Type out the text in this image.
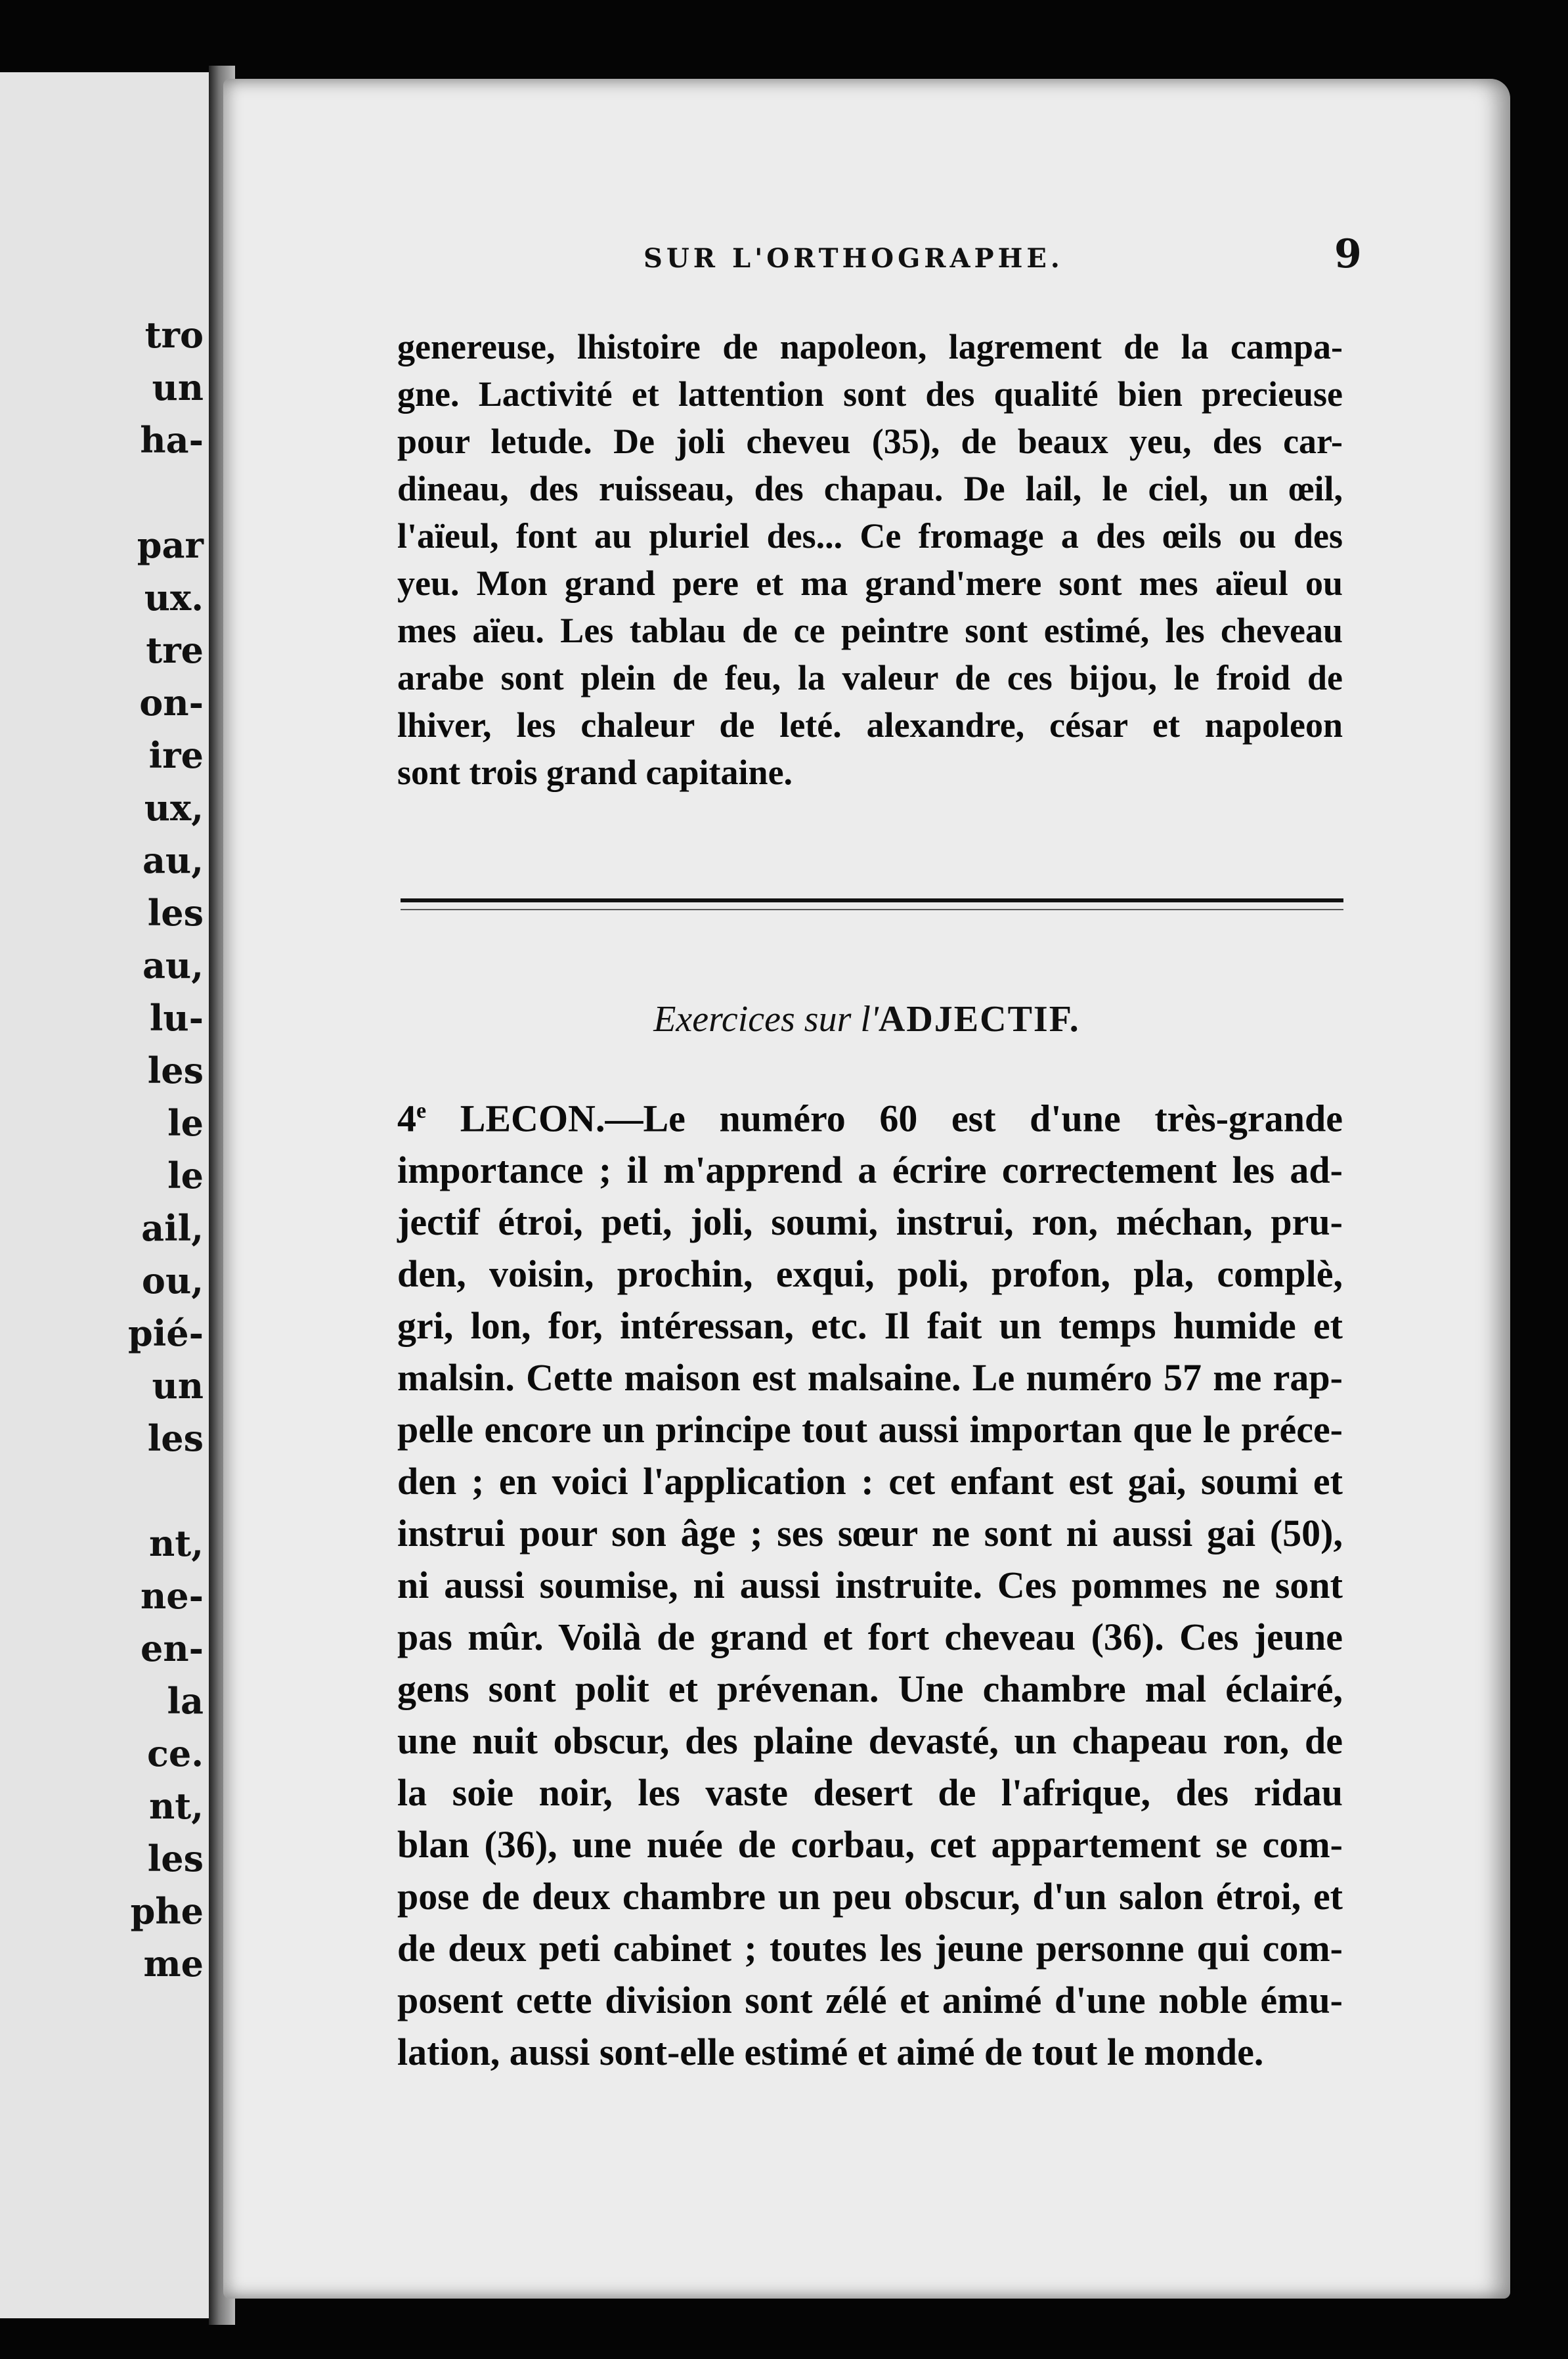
tro
un
ha-
par
ux.
tre
on-
ire
ux,
au,
les
au,
lu-
les
le
le
ail,
ou,
pié-
un
les
nt,
ne-
en-
la
ce.
nt,
les
phe
me
SUR L'ORTHOGRAPHE.	9
genereuse, lhistoire de napoleon, lagrement de la campa-
gne. Lactivité et lattention sont des qualité bien precieuse
pour letude. De joli cheveu (35), de beaux yeu, des car-
dineau, des ruisseau, des chapau. De lail, le ciel, un œil,
l'aïeul, font au pluriel des... Ce fromage a des œils ou des
yeu. Mon grand pere et ma grand'mere sont mes aïeul ou
mes aïeu. Les tablau de ce peintre sont estimé, les cheveau
arabe sont plein de feu, la valeur de ces bijou, le froid de
lhiver, les chaleur de leté. alexandre, césar et napoleon
sont trois grand capitaine.
Exercices sur l'ADJECTIF.
4e LECON.—Le numéro 60 est d'une très-grande
importance ; il m'apprend a écrire correctement les ad-
jectif étroi, peti, joli, soumi, instrui, ron, méchan, pru-
den, voisin, prochin, exqui, poli, profon, pla, complè,
gri, lon, for, intéressan, etc. Il fait un temps humide et
malsin. Cette maison est malsaine. Le numéro 57 me rap-
pelle encore un principe tout aussi importan que le préce-
den ; en voici l'application : cet enfant est gai, soumi et
instrui pour son âge ; ses sœur ne sont ni aussi gai (50),
ni aussi soumise, ni aussi instruite. Ces pommes ne sont
pas mûr. Voilà de grand et fort cheveau (36). Ces jeune
gens sont polit et prévenan. Une chambre mal éclairé,
une nuit obscur, des plaine devasté, un chapeau ron, de
la soie noir, les vaste desert de l'afrique, des ridau
blan (36), une nuée de corbau, cet appartement se com-
pose de deux chambre un peu obscur, d'un salon étroi, et
de deux peti cabinet ; toutes les jeune personne qui com-
posent cette division sont zélé et animé d'une noble ému-
lation, aussi sont-elle estimé et aimé de tout le monde.
